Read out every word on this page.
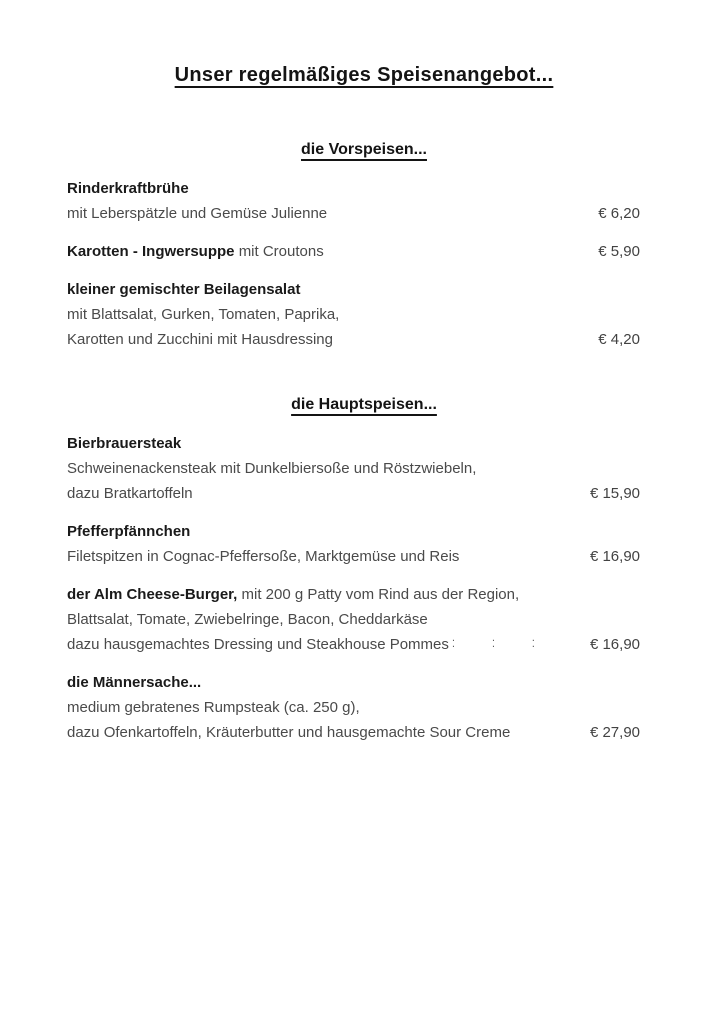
Unser regelmäßiges Speisenangebot...
die Vorspeisen...
Rinderkraftbrühe
mit Leberspätzle und Gemüse Julienne	€ 6,20
Karotten - Ingwersuppe mit Croutons	€ 5,90
kleiner gemischter Beilagensalat
mit Blattsalat, Gurken, Tomaten, Paprika,
Karotten und Zucchini mit Hausdressing	€ 4,20
die Hauptspeisen...
Bierbrauersteak
Schweinenackensteak mit Dunkelbiersoße und Röstzwiebeln,
dazu Bratkartoffeln	€ 15,90
Pfefferpfännchen
Filetspitzen in Cognac-Pfeffersoße, Marktgemüse und Reis	€ 16,90
der Alm Cheese-Burger, mit 200 g Patty vom Rind aus der Region,
Blattsalat, Tomate, Zwiebelringe, Bacon, Cheddarkäse
dazu hausgemachtes Dressing und Steakhouse Pommes ⁚ ⁚ ⁚	€ 16,90
die Männersache...
medium gebratenes Rumpsteak (ca. 250 g),
dazu Ofenkartoffeln, Kräuterbutter und hausgemachte Sour Creme	€ 27,90
